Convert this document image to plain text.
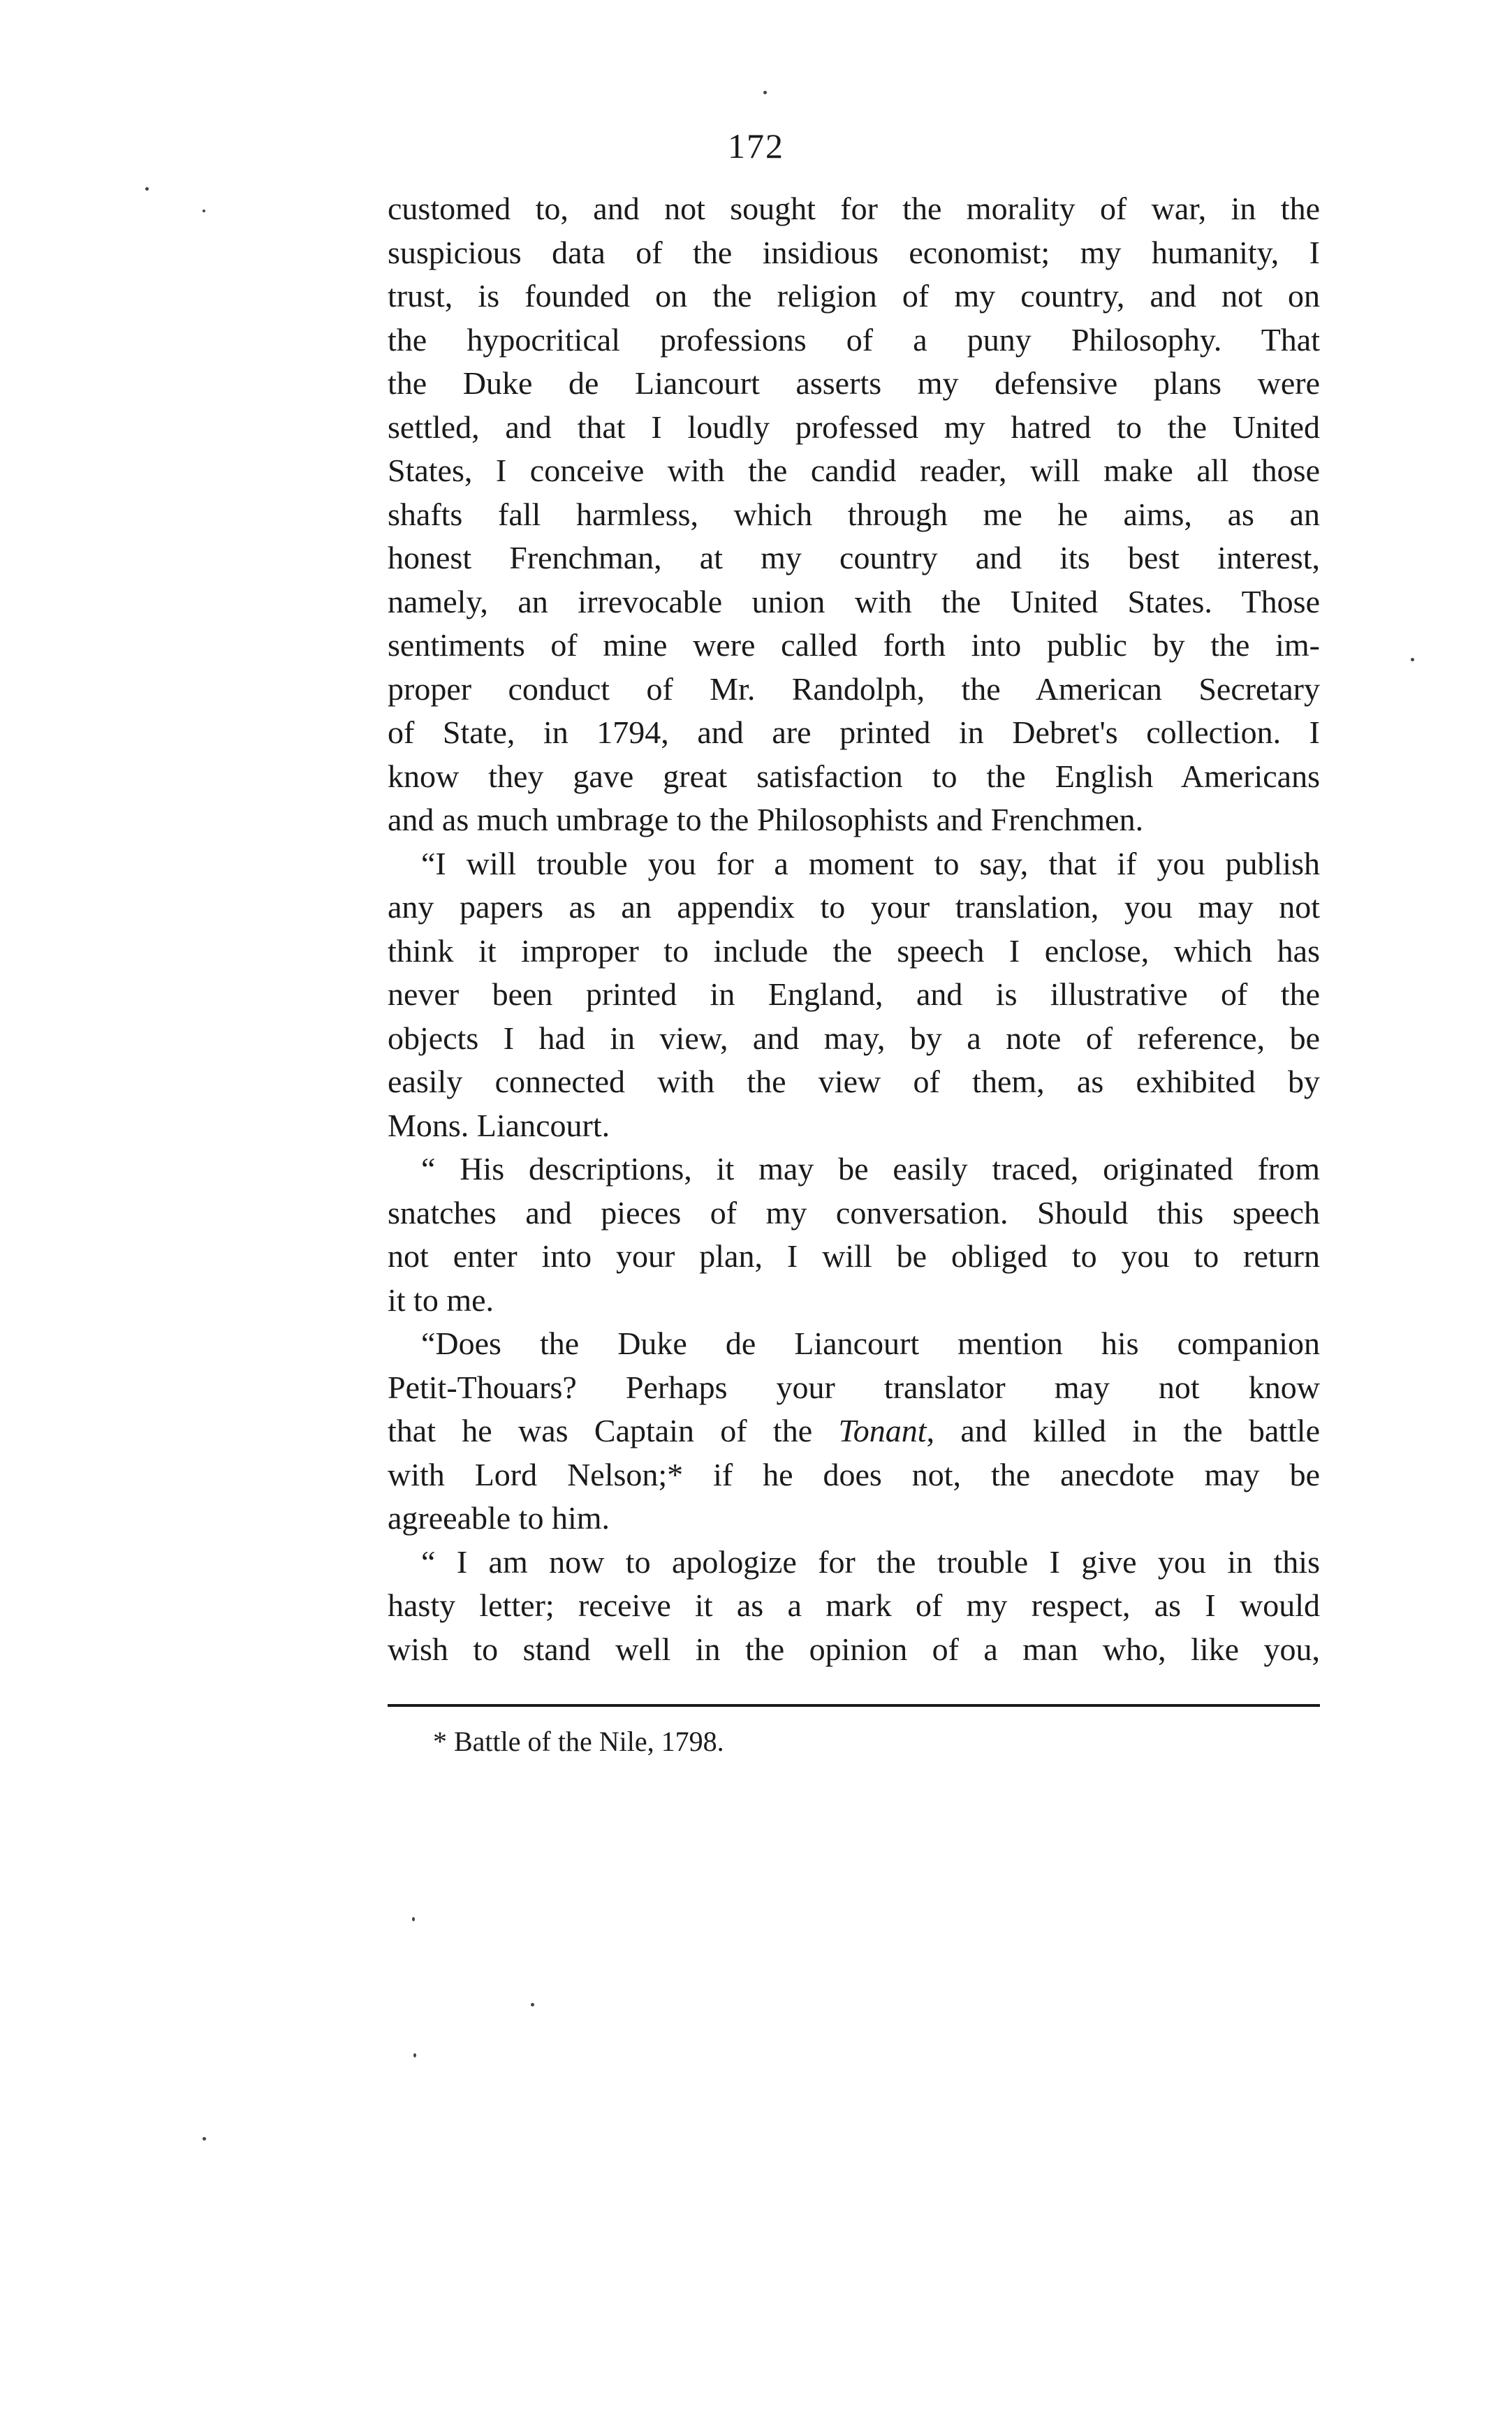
172
customed to, and not sought for the morality of war, in the
suspicious data of the insidious economist; my humanity, I
trust, is founded on the religion of my country, and not on
the hypocritical professions of a puny Philosophy. That
the Duke de Liancourt asserts my defensive plans were
settled, and that I loudly professed my hatred to the United
States, I conceive with the candid reader, will make all those
shafts fall harmless, which through me he aims, as an
honest Frenchman, at my country and its best interest,
namely, an irrevocable union with the United States. Those
sentiments of mine were called forth into public by the im-
proper conduct of Mr. Randolph, the American Secretary
of State, in 1794, and are printed in Debret's collection. I
know they gave great satisfaction to the English Americans
and as much umbrage to the Philosophists and Frenchmen.
“I will trouble you for a moment to say, that if you publish
any papers as an appendix to your translation, you may not
think it improper to include the speech I enclose, which has
never been printed in England, and is illustrative of the
objects I had in view, and may, by a note of reference, be
easily connected with the view of them, as exhibited by
Mons. Liancourt.
“ His descriptions, it may be easily traced, originated from
snatches and pieces of my conversation. Should this speech
not enter into your plan, I will be obliged to you to return
it to me.
“Does the Duke de Liancourt mention his companion
Petit-Thouars? Perhaps your translator may not know
that he was Captain of the Tonant, and killed in the battle
with Lord Nelson;* if he does not, the anecdote may be
agreeable to him.
“ I am now to apologize for the trouble I give you in this
hasty letter; receive it as a mark of my respect, as I would
wish to stand well in the opinion of a man who, like you,
* Battle of the Nile, 1798.
